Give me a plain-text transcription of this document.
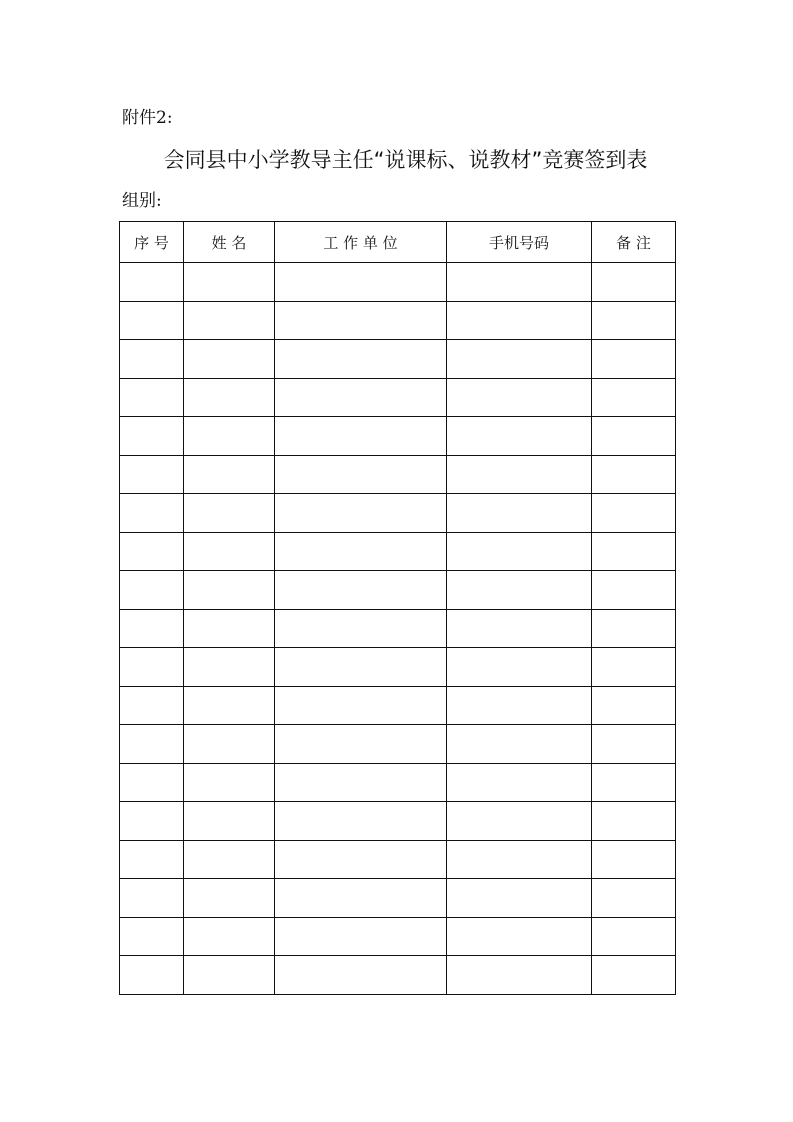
附件2:
会同县中小学教导主任“说课标、说教材”竞赛签到表
组别:
序 号	姓 名	工 作 单 位	手机号码	备 注
